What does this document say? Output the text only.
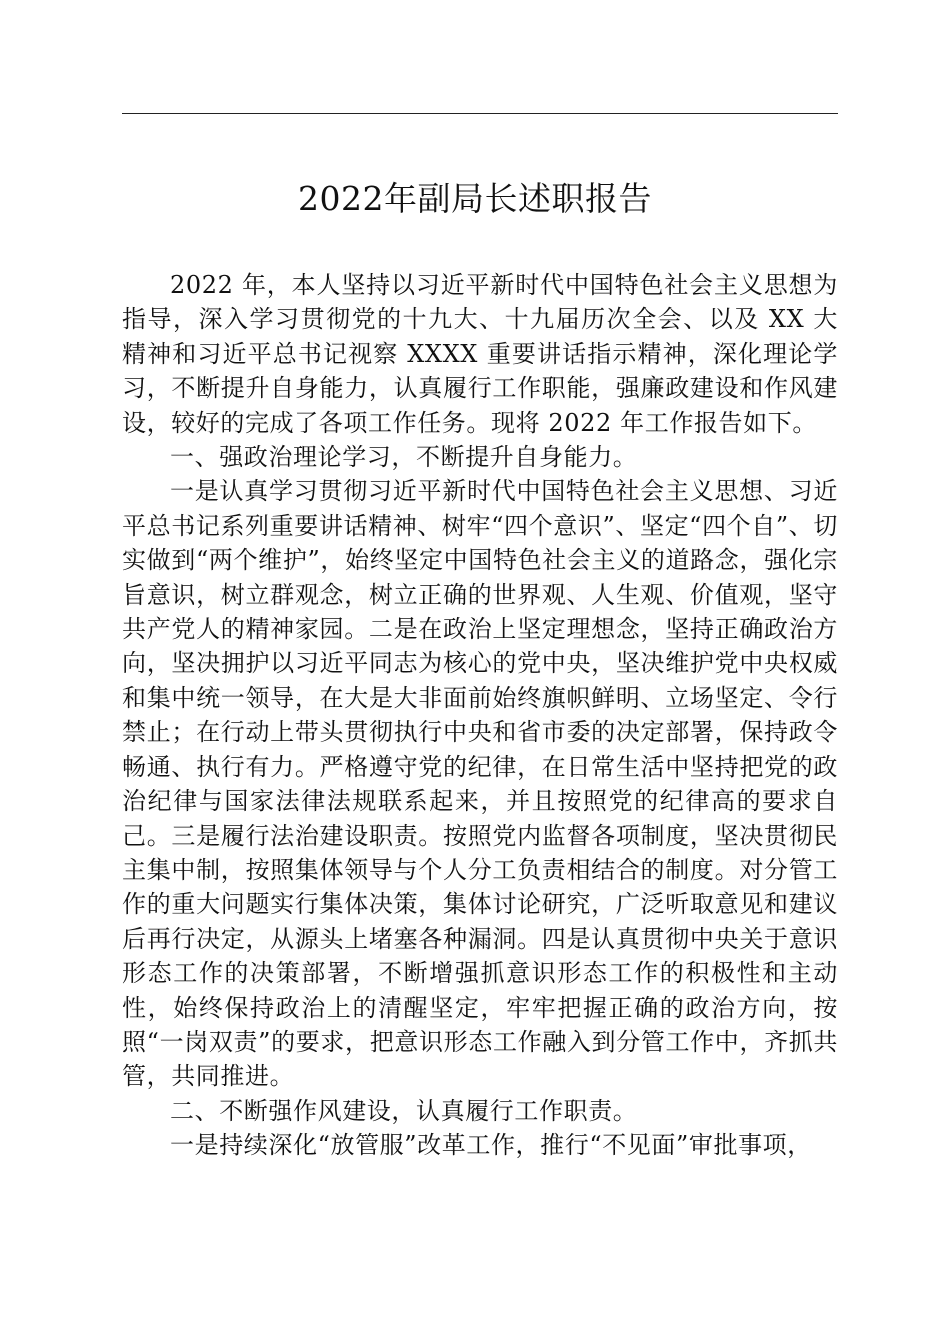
2022年副局长述职报告

2022 年，本人坚持以习近平新时代中国特色社会主义思想为指导，深入学习贯彻党的十九大、十九届历次全会、以及 XX 大精神和习近平总书记视察 XXXX 重要讲话指示精神，深化理论学习，不断提升自身能力，认真履行工作职能，强廉政建设和作风建设，较好的完成了各项工作任务。现将 2022 年工作报告如下。

一、强政治理论学习，不断提升自身能力。

一是认真学习贯彻习近平新时代中国特色社会主义思想、习近平总书记系列重要讲话精神、树牢“四个意识”、坚定“四个自”、切实做到“两个维护”，始终坚定中国特色社会主义的道路念，强化宗旨意识，树立群观念，树立正确的世界观、人生观、价值观，坚守共产党人的精神家园。二是在政治上坚定理想念，坚持正确政治方向，坚决拥护以习近平同志为核心的党中央，坚决维护党中央权威和集中统一领导，在大是大非面前始终旗帜鲜明、立场坚定、令行禁止；在行动上带头贯彻执行中央和省市委的决定部署，保持政令畅通、执行有力。严格遵守党的纪律，在日常生活中坚持把党的政治纪律与国家法律法规联系起来，并且按照党的纪律高的要求自己。三是履行法治建设职责。按照党内监督各项制度，坚决贯彻民主集中制，按照集体领导与个人分工负责相结合的制度。对分管工作的重大问题实行集体决策，集体讨论研究，广泛听取意见和建议后再行决定，从源头上堵塞各种漏洞。四是认真贯彻中央关于意识形态工作的决策部署，不断增强抓意识形态工作的积极性和主动性，始终保持政治上的清醒坚定，牢牢把握正确的政治方向，按照“一岗双责”的要求，把意识形态工作融入到分管工作中，齐抓共管，共同推进。

二、不断强作风建设，认真履行工作职责。

一是持续深化“放管服”改革工作，推行“不见面”审批事项，
